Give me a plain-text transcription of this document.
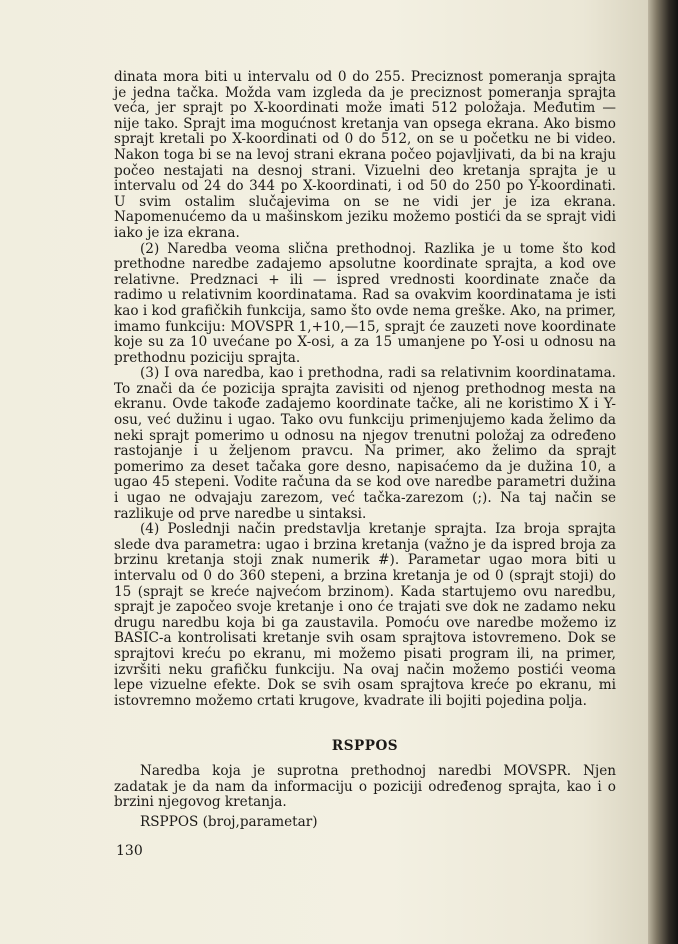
dinata mora biti u intervalu od 0 do 255. Preciznost pomeranja sprajta je jedna tačka. Možda vam izgleda da je preciznost pomeranja sprajta veća, jer sprajt po X-koordinati može imati 512 položaja. Međutim — nije tako. Sprajt ima mogućnost kretanja van opsega ekrana. Ako bismo sprajt kretali po X-koordinati od 0 do 512, on se u početku ne bi video. Nakon toga bi se na levoj strani ekrana počeo pojavljivati, da bi na kraju počeo nestajati na desnoj strani. Vizuelni deo kretanja sprajta je u intervalu od 24 do 344 po X-koordinati, i od 50 do 250 po Y-koordinati. U svim ostalim slučajevima on se ne vidi jer je iza ekrana. Napomenućemo da u mašinskom jeziku možemo postići da se sprajt vidi iako je iza ekrana.

(2) Naredba veoma slična prethodnoj. Razlika je u tome što kod prethodne naredbe zadajemo apsolutne koordinate sprajta, a kod ove relativne. Predznaci + ili — ispred vrednosti koordinate znače da radimo u relativnim koordinatama. Rad sa ovakvim koordinatama je isti kao i kod grafičkih funkcija, samo što ovde nema greške. Ako, na primer, imamo funkciju: MOVSPR 1,+10,—15, sprajt će zauzeti nove koordinate koje su za 10 uvećane po X-osi, a za 15 umanjene po Y-osi u odnosu na prethodnu poziciju sprajta.

(3) I ova naredba, kao i prethodna, radi sa relativnim koordinatama. To znači da će pozicija sprajta zavisiti od njenog prethodnog mesta na ekranu. Ovde takođe zadajemo koordinate tačke, ali ne koristimo X i Y-osu, već dužinu i ugao. Tako ovu funkciju primenjujemo kada želimo da neki sprajt pomerimo u odnosu na njegov trenutni položaj za određeno rastojanje i u željenom pravcu. Na primer, ako želimo da sprajt pomerimo za deset tačaka gore desno, napisaćemo da je dužina 10, a ugao 45 stepeni. Vodite računa da se kod ove naredbe parametri dužina i ugao ne odvajaju zarezom, već tačka-zarezom (;). Na taj način se razlikuje od prve naredbe u sintaksi.

(4) Poslednji način predstavlja kretanje sprajta. Iza broja sprajta slede dva parametra: ugao i brzina kretanja (važno je da ispred broja za brzinu kretanja stoji znak numerik #). Parametar ugao mora biti u intervalu od 0 do 360 stepeni, a brzina kretanja je od 0 (sprajt stoji) do 15 (sprajt se kreće najvećom brzinom). Kada startujemo ovu naredbu, sprajt je započeo svoje kretanje i ono će trajati sve dok ne zadamo neku drugu naredbu koja bi ga zaustavila. Pomoću ove naredbe možemo iz BASIC-a kontrolisati kretanje svih osam sprajtova istovremeno. Dok se sprajtovi kreću po ekranu, mi možemo pisati program ili, na primer, izvršiti neku grafičku funkciju. Na ovaj način možemo postići veoma lepe vizuelne efekte. Dok se svih osam sprajtova kreće po ekranu, mi istovremno možemo crtati krugove, kvadrate ili bojiti pojedina polja.

RSPPOS

Naredba koja je suprotna prethodnoj naredbi MOVSPR. Njen zadatak je da nam da informaciju o poziciji određenog sprajta, kao i o brzini njegovog kretanja.

RSPPOS (broj,parametar)

130
